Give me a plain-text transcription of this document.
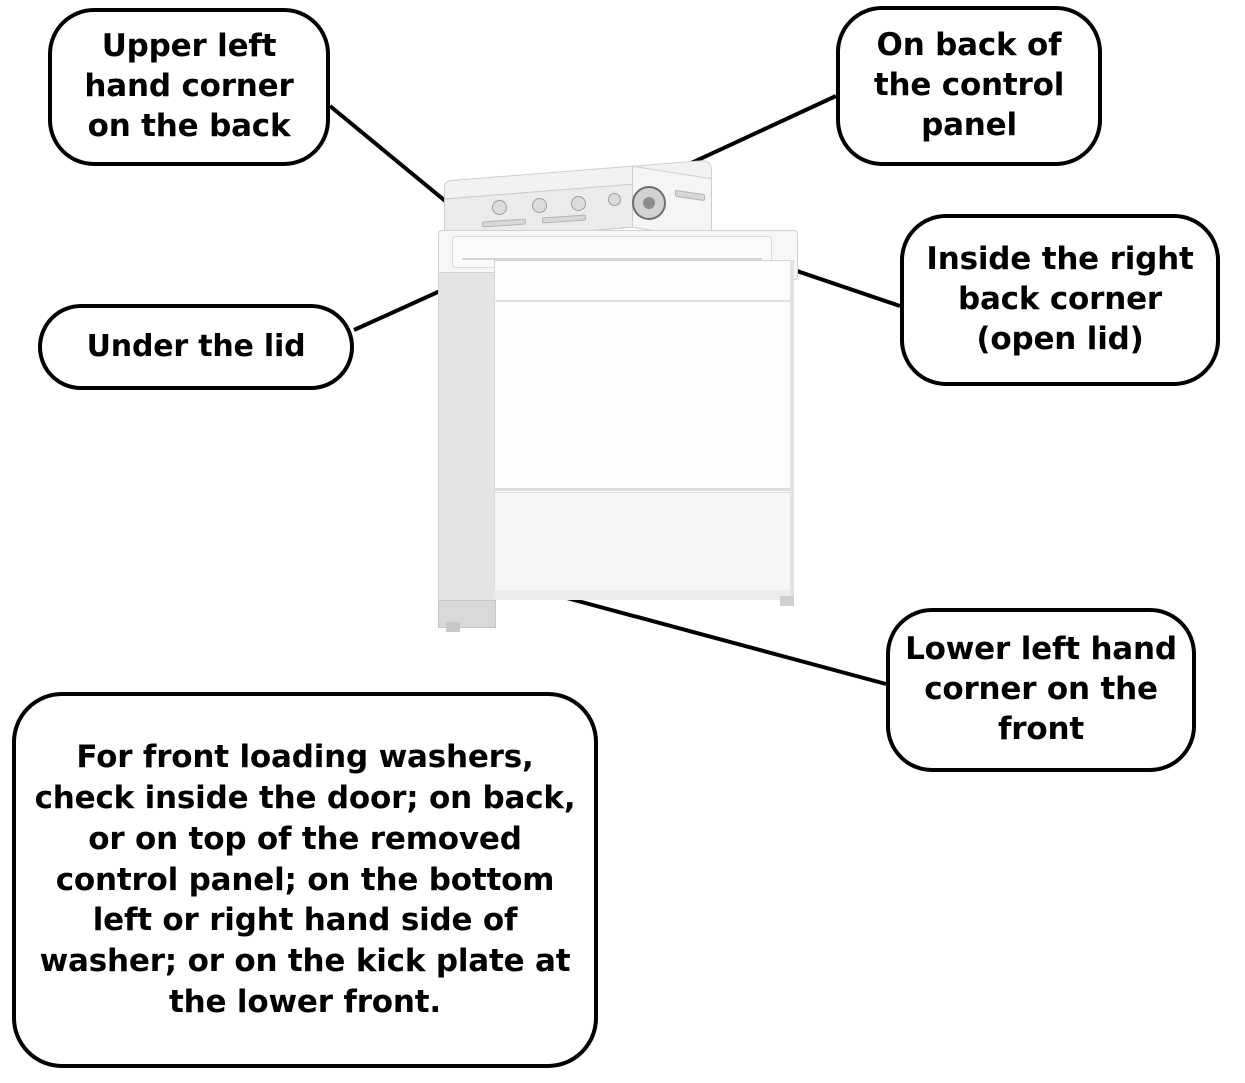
Upper left hand corner on the back
On back of the control panel
Under the lid
Inside the right back corner (open lid)
Lower left hand corner on the front
For front loading washers, check inside the door; on back, or on top of the removed control panel; on the bottom left or right hand side of washer; or on the kick plate at the lower front.
